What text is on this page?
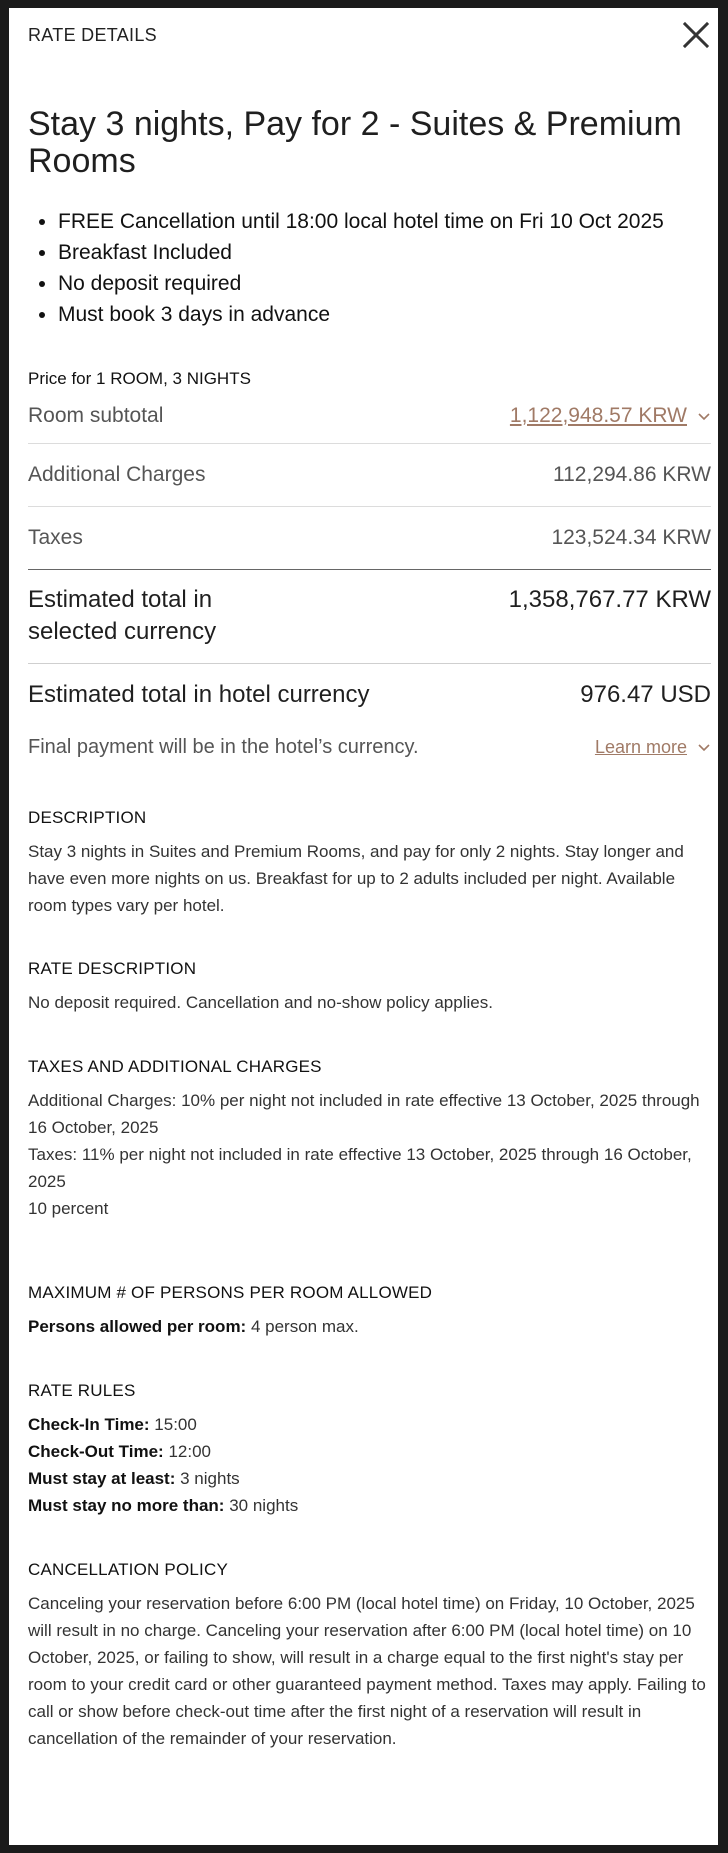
RATE DETAILS
Stay 3 nights, Pay for 2 - Suites & Premium Rooms
• FREE Cancellation until 18:00 local hotel time on Fri 10 Oct 2025
• Breakfast Included
• No deposit required
• Must book 3 days in advance
Price for 1 ROOM, 3 NIGHTS
Room subtotal	1,122,948.57 KRW
Additional Charges	112,294.86 KRW
Taxes	123,524.34 KRW
Estimated total in selected currency
1,358,767.77 KRW
Estimated total in hotel currency	976.47 USD
Final payment will be in the hotel’s currency.	Learn more
DESCRIPTION
Stay 3 nights in Suites and Premium Rooms, and pay for only 2 nights. Stay longer and have even more nights on us. Breakfast for up to 2 adults included per night. Available room types vary per hotel.
RATE DESCRIPTION
No deposit required. Cancellation and no-show policy applies.
TAXES AND ADDITIONAL CHARGES
Additional Charges: 10% per night not included in rate effective 13 October, 2025 through 16 October, 2025
Taxes: 11% per night not included in rate effective 13 October, 2025 through 16 October, 2025
10 percent
MAXIMUM # OF PERSONS PER ROOM ALLOWED
Persons allowed per room: 4 person max.
RATE RULES
Check-In Time: 15:00
Check-Out Time: 12:00
Must stay at least: 3 nights
Must stay no more than: 30 nights
CANCELLATION POLICY
Canceling your reservation before 6:00 PM (local hotel time) on Friday, 10 October, 2025 will result in no charge. Canceling your reservation after 6:00 PM (local hotel time) on 10 October, 2025, or failing to show, will result in a charge equal to the first night's stay per room to your credit card or other guaranteed payment method. Taxes may apply. Failing to call or show before check-out time after the first night of a reservation will result in cancellation of the remainder of your reservation.
